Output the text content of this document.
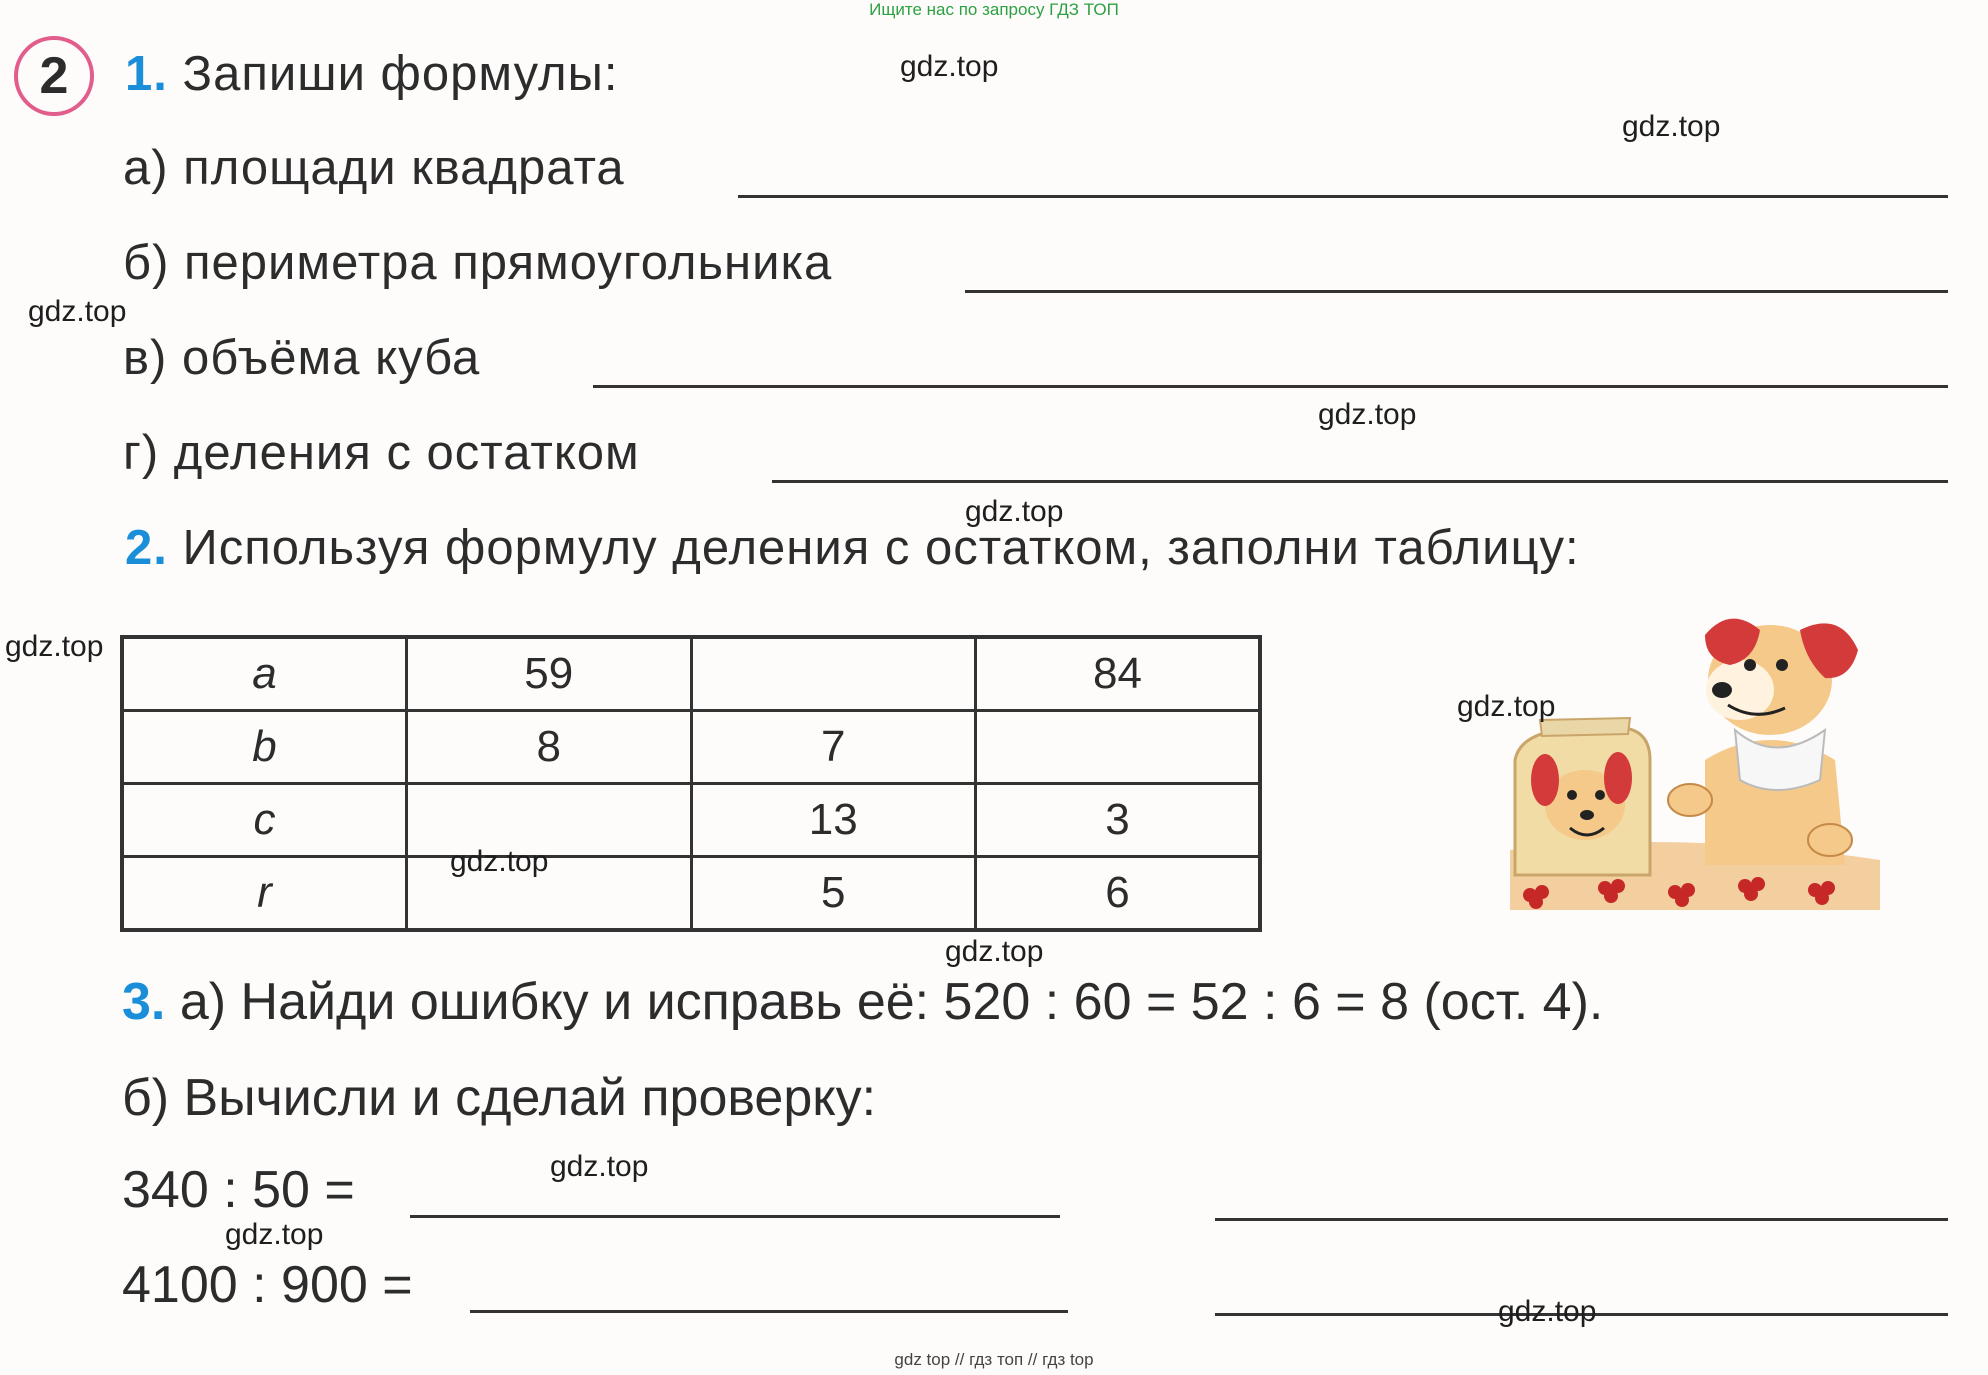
Ищите нас по запросу ГДЗ ТОП
2	1. Запиши формулы:
а) площади квадрата
б) периметра прямоугольника
в) объёма куба
г) деления с остатком
2. Используя формулу деления с остатком, заполни таблицу:
a	59		84
b	8	7	
c		13	3
r		5	6
3. а) Найди ошибку и исправь её: 520 : 60 = 52 : 6 = 8 (ост. 4).
б) Вычисли и сделай проверку:
340 : 50 =
4100 : 900 =
gdz.top
gdz.top
gdz.top
gdz.top
gdz.top
gdz.top
gdz.top
gdz.top
gdz.top
gdz.top
gdz.top
gdz.top
gdz top // гдз топ // гдз top
